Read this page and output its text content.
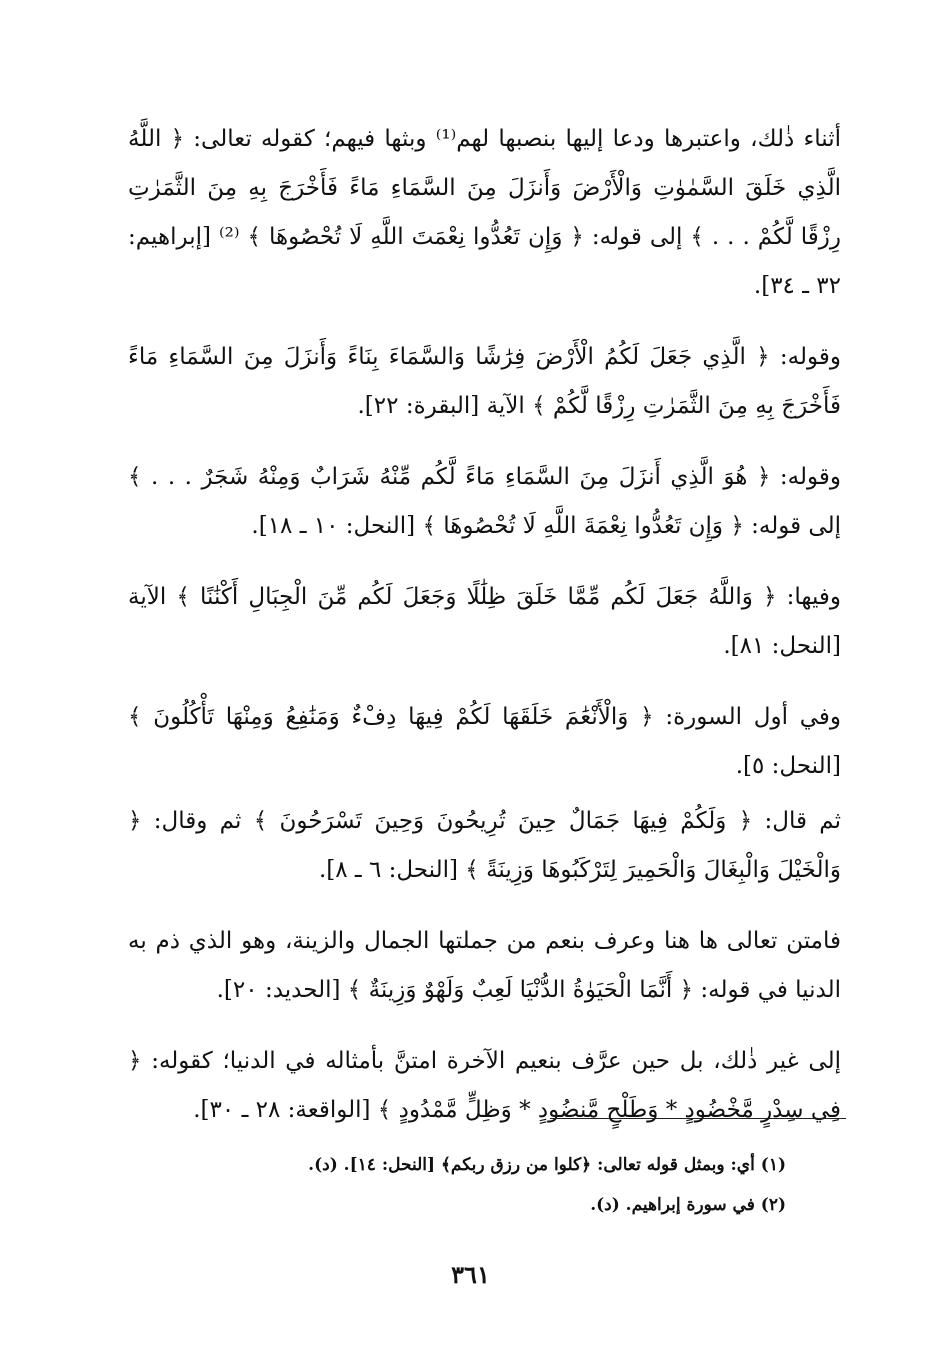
أثناء ذٰلك، واعتبرها ودعا إليها بنصبها لهم⁽¹⁾ وبثها فيهم؛ كقوله تعالى: ﴿ اللَّهُ الَّذِي خَلَقَ السَّمٰوٰتِ وَالْأَرْضَ وَأَنزَلَ مِنَ السَّمَاءِ مَاءً فَأَخْرَجَ بِهِ مِنَ الثَّمَرٰتِ رِزْقًا لَّكُمْ . . . ﴾ إلى قوله: ﴿ وَإِن تَعُدُّوا نِعْمَتَ اللَّهِ لَا تُحْصُوهَا ﴾ ⁽²⁾ [إبراهيم: ٣٢ ـ ٣٤].

وقوله: ﴿ الَّذِي جَعَلَ لَكُمُ الْأَرْضَ فِرَٰشًا وَالسَّمَاءَ بِنَاءً وَأَنزَلَ مِنَ السَّمَاءِ مَاءً فَأَخْرَجَ بِهِ مِنَ الثَّمَرٰتِ رِزْقًا لَّكُمْ ﴾ الآية [البقرة: ٢٢].

وقوله: ﴿ هُوَ الَّذِي أَنزَلَ مِنَ السَّمَاءِ مَاءً لَّكُم مِّنْهُ شَرَابٌ وَمِنْهُ شَجَرٌ . . . ﴾ إلى قوله: ﴿ وَإِن تَعُدُّوا نِعْمَةَ اللَّهِ لَا تُحْصُوهَا ﴾ [النحل: ١٠ ـ ١٨].

وفيها: ﴿ وَاللَّهُ جَعَلَ لَكُم مِّمَّا خَلَقَ ظِلَٰلًا وَجَعَلَ لَكُم مِّنَ الْجِبَالِ أَكْنَٰنًا ﴾ الآية [النحل: ٨١].

وفي أول السورة: ﴿ وَالْأَنْعَٰمَ خَلَقَهَا لَكُمْ فِيهَا دِفْءٌ وَمَنَٰفِعُ وَمِنْهَا تَأْكُلُونَ ﴾ [النحل: ٥].

ثم قال: ﴿ وَلَكُمْ فِيهَا جَمَالٌ حِينَ تُرِيحُونَ وَحِينَ تَسْرَحُونَ ﴾ ثم وقال: ﴿ وَالْخَيْلَ وَالْبِغَالَ وَالْحَمِيرَ لِتَرْكَبُوهَا وَزِينَةً ﴾ [النحل: ٦ ـ ٨].

فامتن تعالى ها هنا وعرف بنعم من جملتها الجمال والزينة، وهو الذي ذم به الدنيا في قوله: ﴿ أَنَّمَا الْحَيَوٰةُ الدُّنْيَا لَعِبٌ وَلَهْوٌ وَزِينَةٌ ﴾ [الحديد: ٢٠].

إلى غير ذٰلك، بل حين عرَّف بنعيم الآخرة امتنَّ بأمثاله في الدنيا؛ كقوله: ﴿ فِي سِدْرٍ مَّخْضُودٍ * وَطَلْحٍ مَّنضُودٍ * وَظِلٍّ مَّمْدُودٍ ﴾ [الواقعة: ٢٨ ـ ٣٠].

(١) أي: وبمثل قوله تعالى: ﴿كلوا من رزق ربكم﴾ [النحل: ١٤]. (د).
(٢) في سورة إبراهيم. (د).
٣٦١
